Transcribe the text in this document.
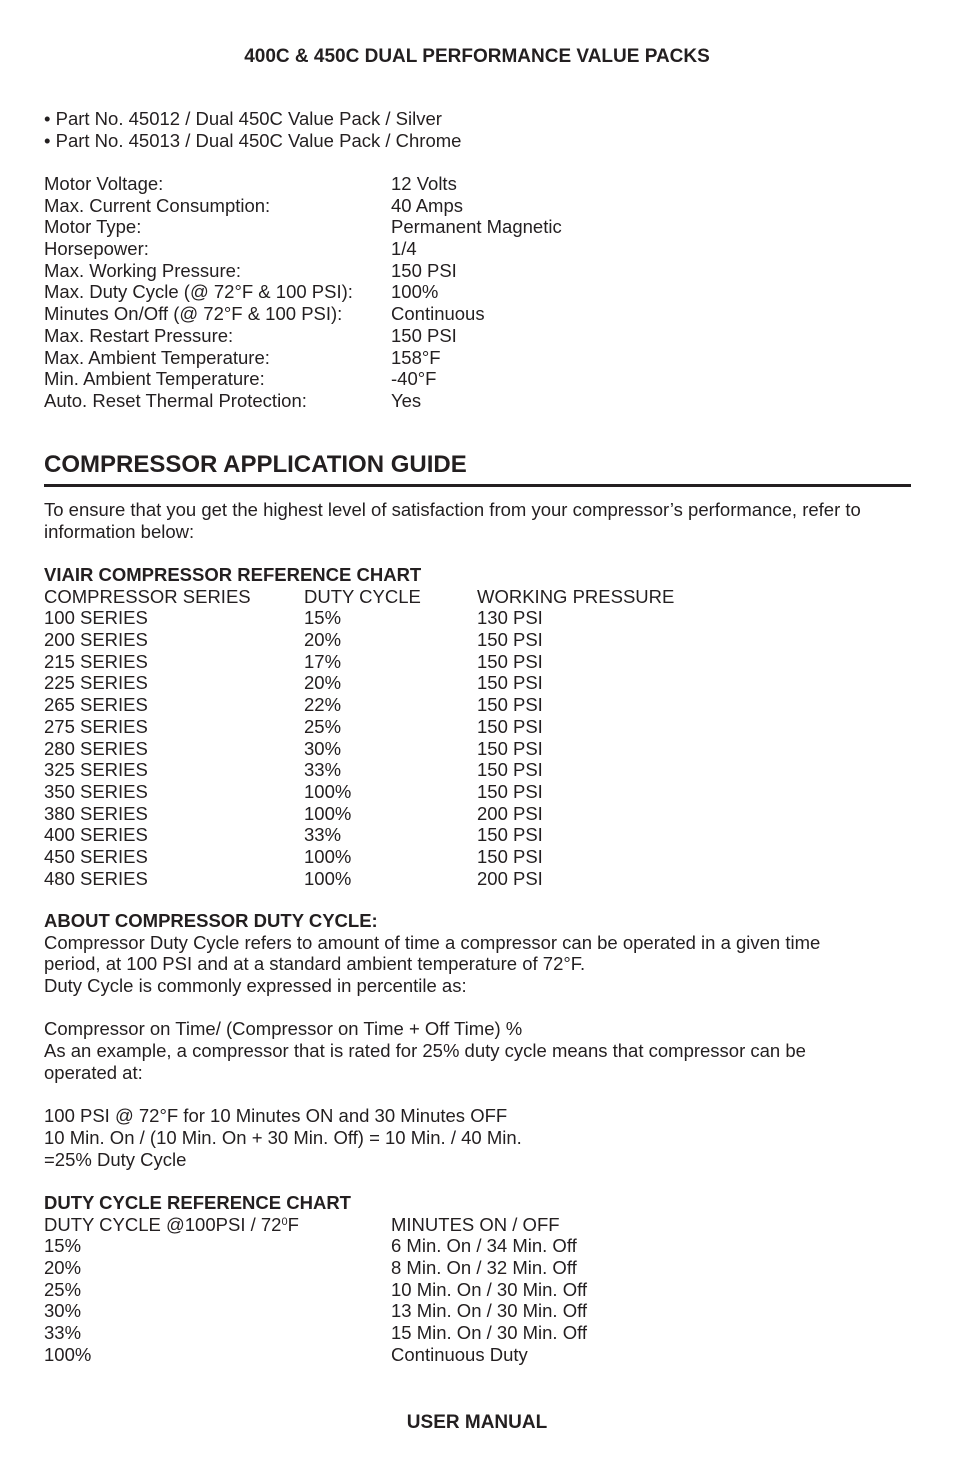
400C & 450C DUAL PERFORMANCE VALUE PACKS
• Part No. 45012 / Dual 450C Value Pack / Silver
• Part No. 45013 / Dual 450C Value Pack / Chrome
Motor Voltage:	12 Volts
Max. Current Consumption:	40 Amps
Motor Type:	Permanent Magnetic
Horsepower:	1/4
Max. Working Pressure:	150 PSI
Max. Duty Cycle (@ 72°F & 100 PSI): 100%
Minutes On/Off (@ 72°F & 100 PSI):	Continuous
Max. Restart Pressure:	150 PSI
Max. Ambient Temperature:	158°F
Min. Ambient Temperature:	-40°F
Auto. Reset Thermal Protection:	Yes
COMPRESSOR APPLICATION GUIDE
To ensure that you get the highest level of satisfaction from your compressor’s performance, refer to
information below:
VIAIR COMPRESSOR REFERENCE CHART
COMPRESSOR SERIES	DUTY CYCLE	WORKING PRESSURE
100 SERIES	15%	130 PSI
200 SERIES	20%	150 PSI
215 SERIES	17%	150 PSI
225 SERIES	20%	150 PSI
265 SERIES	22%	150 PSI
275 SERIES	25%	150 PSI
280 SERIES	30%	150 PSI
325 SERIES	33%	150 PSI
350 SERIES	100%	150 PSI
380 SERIES	100%	200 PSI
400 SERIES	33%	150 PSI
450 SERIES	100%	150 PSI
480 SERIES	100%	200 PSI
ABOUT COMPRESSOR DUTY CYCLE:
Compressor Duty Cycle refers to amount of time a compressor can be operated in a given time
period, at 100 PSI and at a standard ambient temperature of 72°F.
Duty Cycle is commonly expressed in percentile as:
Compressor on Time/ (Compressor on Time + Off Time) %
As an example, a compressor that is rated for 25% duty cycle means that compressor can be
operated at:
100 PSI @ 72°F for 10 Minutes ON and 30 Minutes OFF
10 Min. On / (10 Min. On + 30 Min. Off) = 10 Min. / 40 Min.
=25% Duty Cycle
DUTY CYCLE REFERENCE CHART
DUTY CYCLE @100PSI / $72^0F$	MINUTES ON / OFF
15%	6 Min. On / 34 Min. Off
20%	8 Min. On / 32 Min. Off
25%	10 Min. On / 30 Min. Off
30%	13 Min. On / 30 Min. Off
33%	15 Min. On / 30 Min. Off
100%	Continuous Duty
USER MANUAL
